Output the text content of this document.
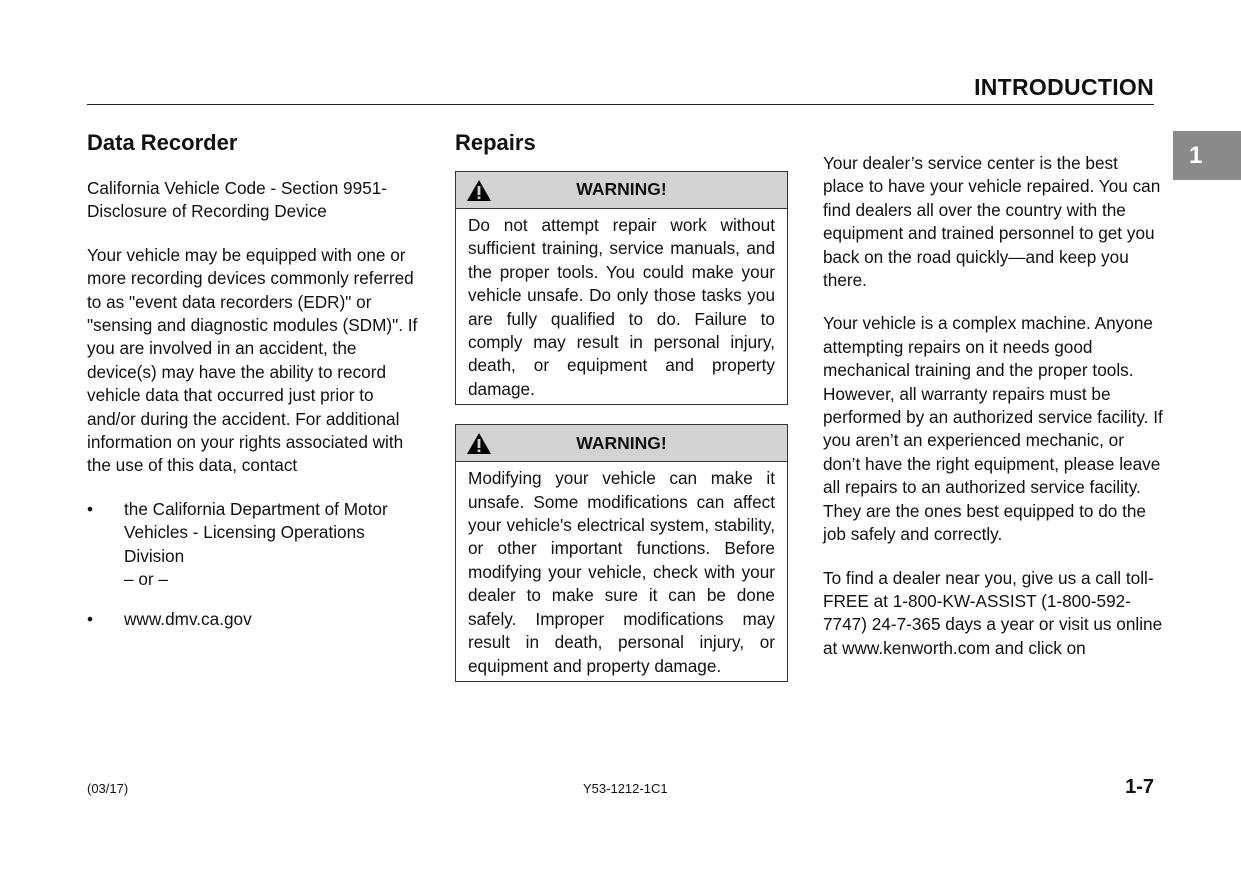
INTRODUCTION
1
Data Recorder

California Vehicle Code - Section 9951- Disclosure of Recording Device

Your vehicle may be equipped with one or more recording devices commonly referred to as "event data recorders (EDR)" or "sensing and diagnostic modules (SDM)". If you are involved in an accident, the device(s) may have the ability to record vehicle data that occurred just prior to and/or during the accident. For additional information on your rights associated with the use of this data, contact

• the California Department of Motor Vehicles - Licensing Operations Division
– or –
• www.dmv.ca.gov
Repairs
WARNING!
Do not attempt repair work without sufficient training, service manuals, and the proper tools. You could make your vehicle unsafe. Do only those tasks you are fully qualified to do. Failure to comply may result in personal injury, death, or equipment and property damage.
WARNING!
Modifying your vehicle can make it unsafe. Some modifications can affect your vehicle's electrical system, stability, or other important functions. Before modifying your vehicle, check with your dealer to make sure it can be done safely. Improper modifications may result in death, personal injury, or equipment and property damage.

Your dealer’s service center is the best place to have your vehicle repaired. You can find dealers all over the country with the equipment and trained personnel to get you back on the road quickly—and keep you there.

Your vehicle is a complex machine. Anyone attempting repairs on it needs good mechanical training and the proper tools. However, all warranty repairs must be performed by an authorized service facility. If you aren’t an experienced mechanic, or don’t have the right equipment, please leave all repairs to an authorized service facility. They are the ones best equipped to do the job safely and correctly.

To find a dealer near you, give us a call toll-FREE at 1-800-KW-ASSIST (1-800-592-7747) 24-7-365 days a year or visit us online at www.kenworth.com and click on

(03/17)	Y53-1212-1C1	1-7
